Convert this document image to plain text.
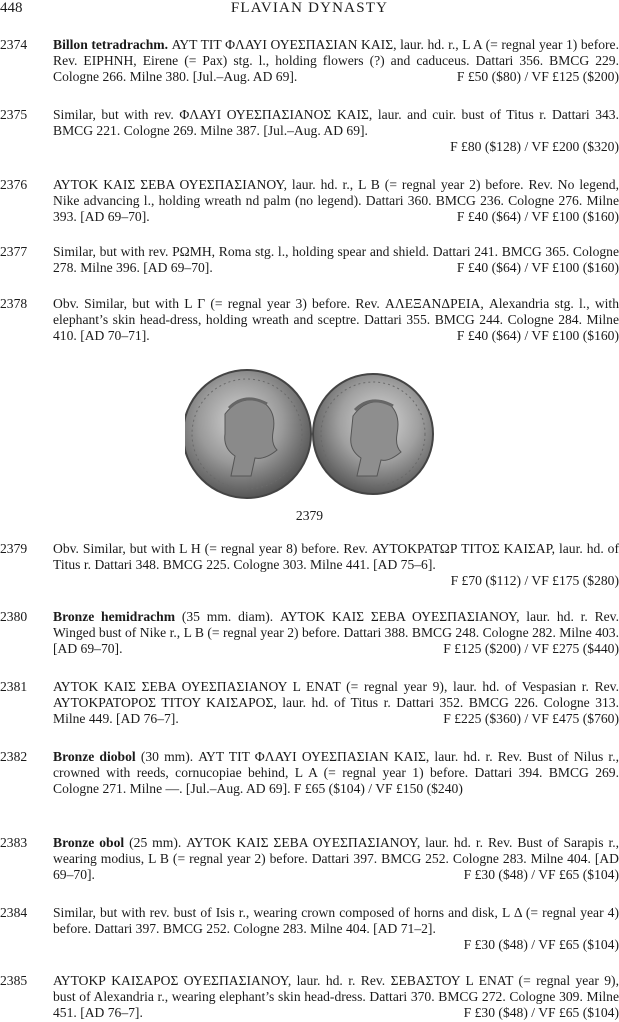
448	FLAVIAN DYNASTY
2374	Billon tetradrachm. ΑΥΤ ΤΙΤ ΦΛΑΥΙ ΟΥΕΣΠΑΣΙΑΝ ΚΑΙΣ, laur. hd. r., L A (= regnal year 1) before. Rev. ΕΙΡΗΝΗ, Eirene (= Pax) stg. l., holding flowers (?) and caduceus. Dattari 356. BMCG 229. Cologne 266. Milne 380. [Jul.–Aug. AD 69].	F £50 ($80) / VF £125 ($200)
2375	Similar, but with rev. ΦΛΑΥΙ ΟΥΕΣΠΑΣΙΑΝΟΣ ΚΑΙΣ, laur. and cuir. bust of Titus r. Dattari 343. BMCG 221. Cologne 269. Milne 387. [Jul.–Aug. AD 69].
F £80 ($128) / VF £200 ($320)
2376	ΑΥΤΟΚ ΚΑΙΣ ΣΕΒΑ ΟΥΕΣΠΑΣΙΑΝΟΥ, laur. hd. r., L B (= regnal year 2) before. Rev. No legend, Nike advancing l., holding wreath nd palm (no legend). Dattari 360. BMCG 236. Cologne 276. Milne 393. [AD 69–70].	F £40 ($64) / VF £100 ($160)
2377	Similar, but with rev. ΡΩΜΗ, Roma stg. l., holding spear and shield. Dattari 241. BMCG 365. Cologne 278. Milne 396. [AD 69–70].	F £40 ($64) / VF £100 ($160)
2378	Obv. Similar, but with L Γ (= regnal year 3) before. Rev. ΑΛΕΞΑΝΔΡΕΙΑ, Alexandria stg. l., with elephant’s skin head-dress, holding wreath and sceptre. Dattari 355. BMCG 244. Cologne 284. Milne 410. [AD 70–71].	F £40 ($64) / VF £100 ($160)
2379
2379	Obv. Similar, but with L H (= regnal year 8) before. Rev. ΑΥΤΟΚΡΑΤΩΡ ΤΙΤΟΣ ΚΑΙΣΑΡ, laur. hd. of Titus r. Dattari 348. BMCG 225. Cologne 303. Milne 441. [AD 75–6].
F £70 ($112) / VF £175 ($280)
2380	Bronze hemidrachm (35 mm. diam). ΑΥΤΟΚ ΚΑΙΣ ΣΕΒΑ ΟΥΕΣΠΑΣΙΑΝΟΥ, laur. hd. r. Rev. Winged bust of Nike r., L B (= regnal year 2) before. Dattari 388. BMCG 248. Cologne 282. Milne 403. [AD 69–70].	F £125 ($200) / VF £275 ($440)
2381	ΑΥΤΟΚ ΚΑΙΣ ΣΕΒΑ ΟΥΕΣΠΑΣΙΑΝΟΥ L ΕΝΑΤ (= regnal year 9), laur. hd. of Vespasian r. Rev. ΑΥΤΟΚΡΑΤΟΡΟΣ ΤΙΤΟΥ ΚΑΙΣΑΡΟΣ, laur. hd. of Titus r. Dattari 352. BMCG 226. Cologne 313. Milne 449. [AD 76–7].	F £225 ($360) / VF £475 ($760)
2382	Bronze diobol (30 mm). ΑΥΤ ΤΙΤ ΦΛΑΥΙ ΟΥΕΣΠΑΣΙΑΝ ΚΑΙΣ, laur. hd. r. Rev. Bust of Nilus r., crowned with reeds, cornucopiae behind, L A (= regnal year 1) before. Dattari 394. BMCG 269. Cologne 271. Milne —. [Jul.–Aug. AD 69]. F £65 ($104) / VF £150 ($240)
2383	Bronze obol (25 mm). ΑΥΤΟΚ ΚΑΙΣ ΣΕΒΑ ΟΥΕΣΠΑΣΙΑΝΟΥ, laur. hd. r. Rev. Bust of Sarapis r., wearing modius, L B (= regnal year 2) before. Dattari 397. BMCG 252. Cologne 283. Milne 404. [AD 69–70].	F £30 ($48) / VF £65 ($104)
2384	Similar, but with rev. bust of Isis r., wearing crown composed of horns and disk, L Δ (= regnal year 4) before. Dattari 397. BMCG 252. Cologne 283. Milne 404. [AD 71–2].
F £30 ($48) / VF £65 ($104)
2385	ΑΥΤΟΚΡ ΚΑΙΣΑΡΟΣ ΟΥΕΣΠΑΣΙΑΝΟΥ, laur. hd. r. Rev. ΣΕΒΑΣΤΟΥ L ΕΝΑΤ (= regnal year 9), bust of Alexandria r., wearing elephant’s skin head-dress. Dattari 370. BMCG 272. Cologne 309. Milne 451. [AD 76–7].	F £30 ($48) / VF £65 ($104)
